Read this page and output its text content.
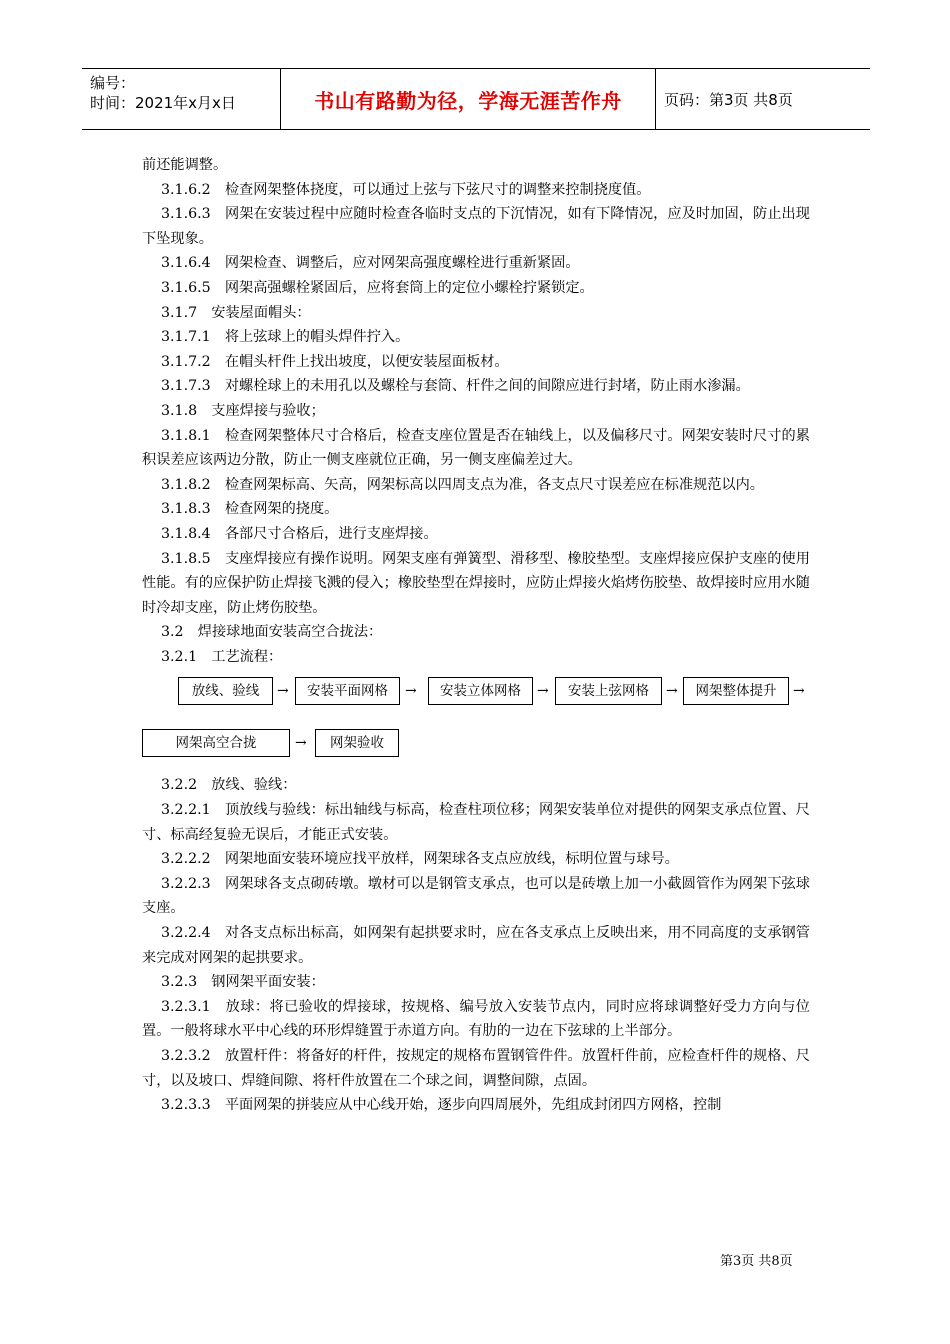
编号：
时间：2021年x月x日	书山有路勤为径，学海无涯苦作舟	页码：第3页 共8页

前还能调整。

3.1.6.2　检查网架整体挠度，可以通过上弦与下弦尺寸的调整来控制挠度值。

3.1.6.3　网架在安装过程中应随时检查各临时支点的下沉情况，如有下降情况，应及时加固，防止出现下坠现象。

3.1.6.4　网架检查、调整后，应对网架高强度螺栓进行重新紧固。

3.1.6.5　网架高强螺栓紧固后，应将套筒上的定位小螺栓拧紧锁定。

3.1.7　安装屋面帽头：

3.1.7.1　将上弦球上的帽头焊件拧入。

3.1.7.2　在帽头杆件上找出坡度，以便安装屋面板材。

3.1.7.3　对螺栓球上的未用孔以及螺栓与套筒、杆件之间的间隙应进行封堵，防止雨水渗漏。

3.1.8　支座焊接与验收；

3.1.8.1　检查网架整体尺寸合格后，检查支座位置是否在轴线上，以及偏移尺寸。网架安装时尺寸的累积误差应该两边分散，防止一侧支座就位正确，另一侧支座偏差过大。

3.1.8.2　检查网架标高、矢高，网架标高以四周支点为准，各支点尺寸误差应在标准规范以内。

3.1.8.3　检查网架的挠度。

3.1.8.4　各部尺寸合格后，进行支座焊接。

3.1.8.5　支座焊接应有操作说明。网架支座有弹簧型、滑移型、橡胶垫型。支座焊接应保护支座的使用性能。有的应保护防止焊接飞溅的侵入；橡胶垫型在焊接时，应防止焊接火焰烤伤胶垫、故焊接时应用水随时冷却支座，防止烤伤胶垫。

3.2　焊接球地面安装高空合拢法：

3.2.1　工艺流程：

放线、验线	→	安装平面网格	→	安装立体网格	→	安装上弦网格	→	网架整体提升	→
网架高空合拢	→	网架验收

3.2.2　放线、验线：

3.2.2.1　顶放线与验线：标出轴线与标高，检查柱项位移；网架安装单位对提供的网架支承点位置、尺寸、标高经复验无误后，才能正式安装。

3.2.2.2　网架地面安装环境应找平放样，网架球各支点应放线，标明位置与球号。

3.2.2.3　网架球各支点砌砖墩。墩材可以是钢管支承点，也可以是砖墩上加一小截圆管作为网架下弦球支座。

3.2.2.4　对各支点标出标高，如网架有起拱要求时，应在各支承点上反映出来，用不同高度的支承钢管来完成对网架的起拱要求。

3.2.3　钢网架平面安装：

3.2.3.1　放球：将已验收的焊接球，按规格、编号放入安装节点内，同时应将球调整好受力方向与位置。一般将球水平中心线的环形焊缝置于赤道方向。有肋的一边在下弦球的上半部分。

3.2.3.2　放置杆件：将备好的杆件，按规定的规格布置钢管件件。放置杆件前，应检查杆件的规格、尺寸，以及坡口、焊缝间隙、将杆件放置在二个球之间，调整间隙，点固。

3.2.3.3　平面网架的拼装应从中心线开始，逐步向四周展外，先组成封闭四方网格，控制

第3页 共8页
